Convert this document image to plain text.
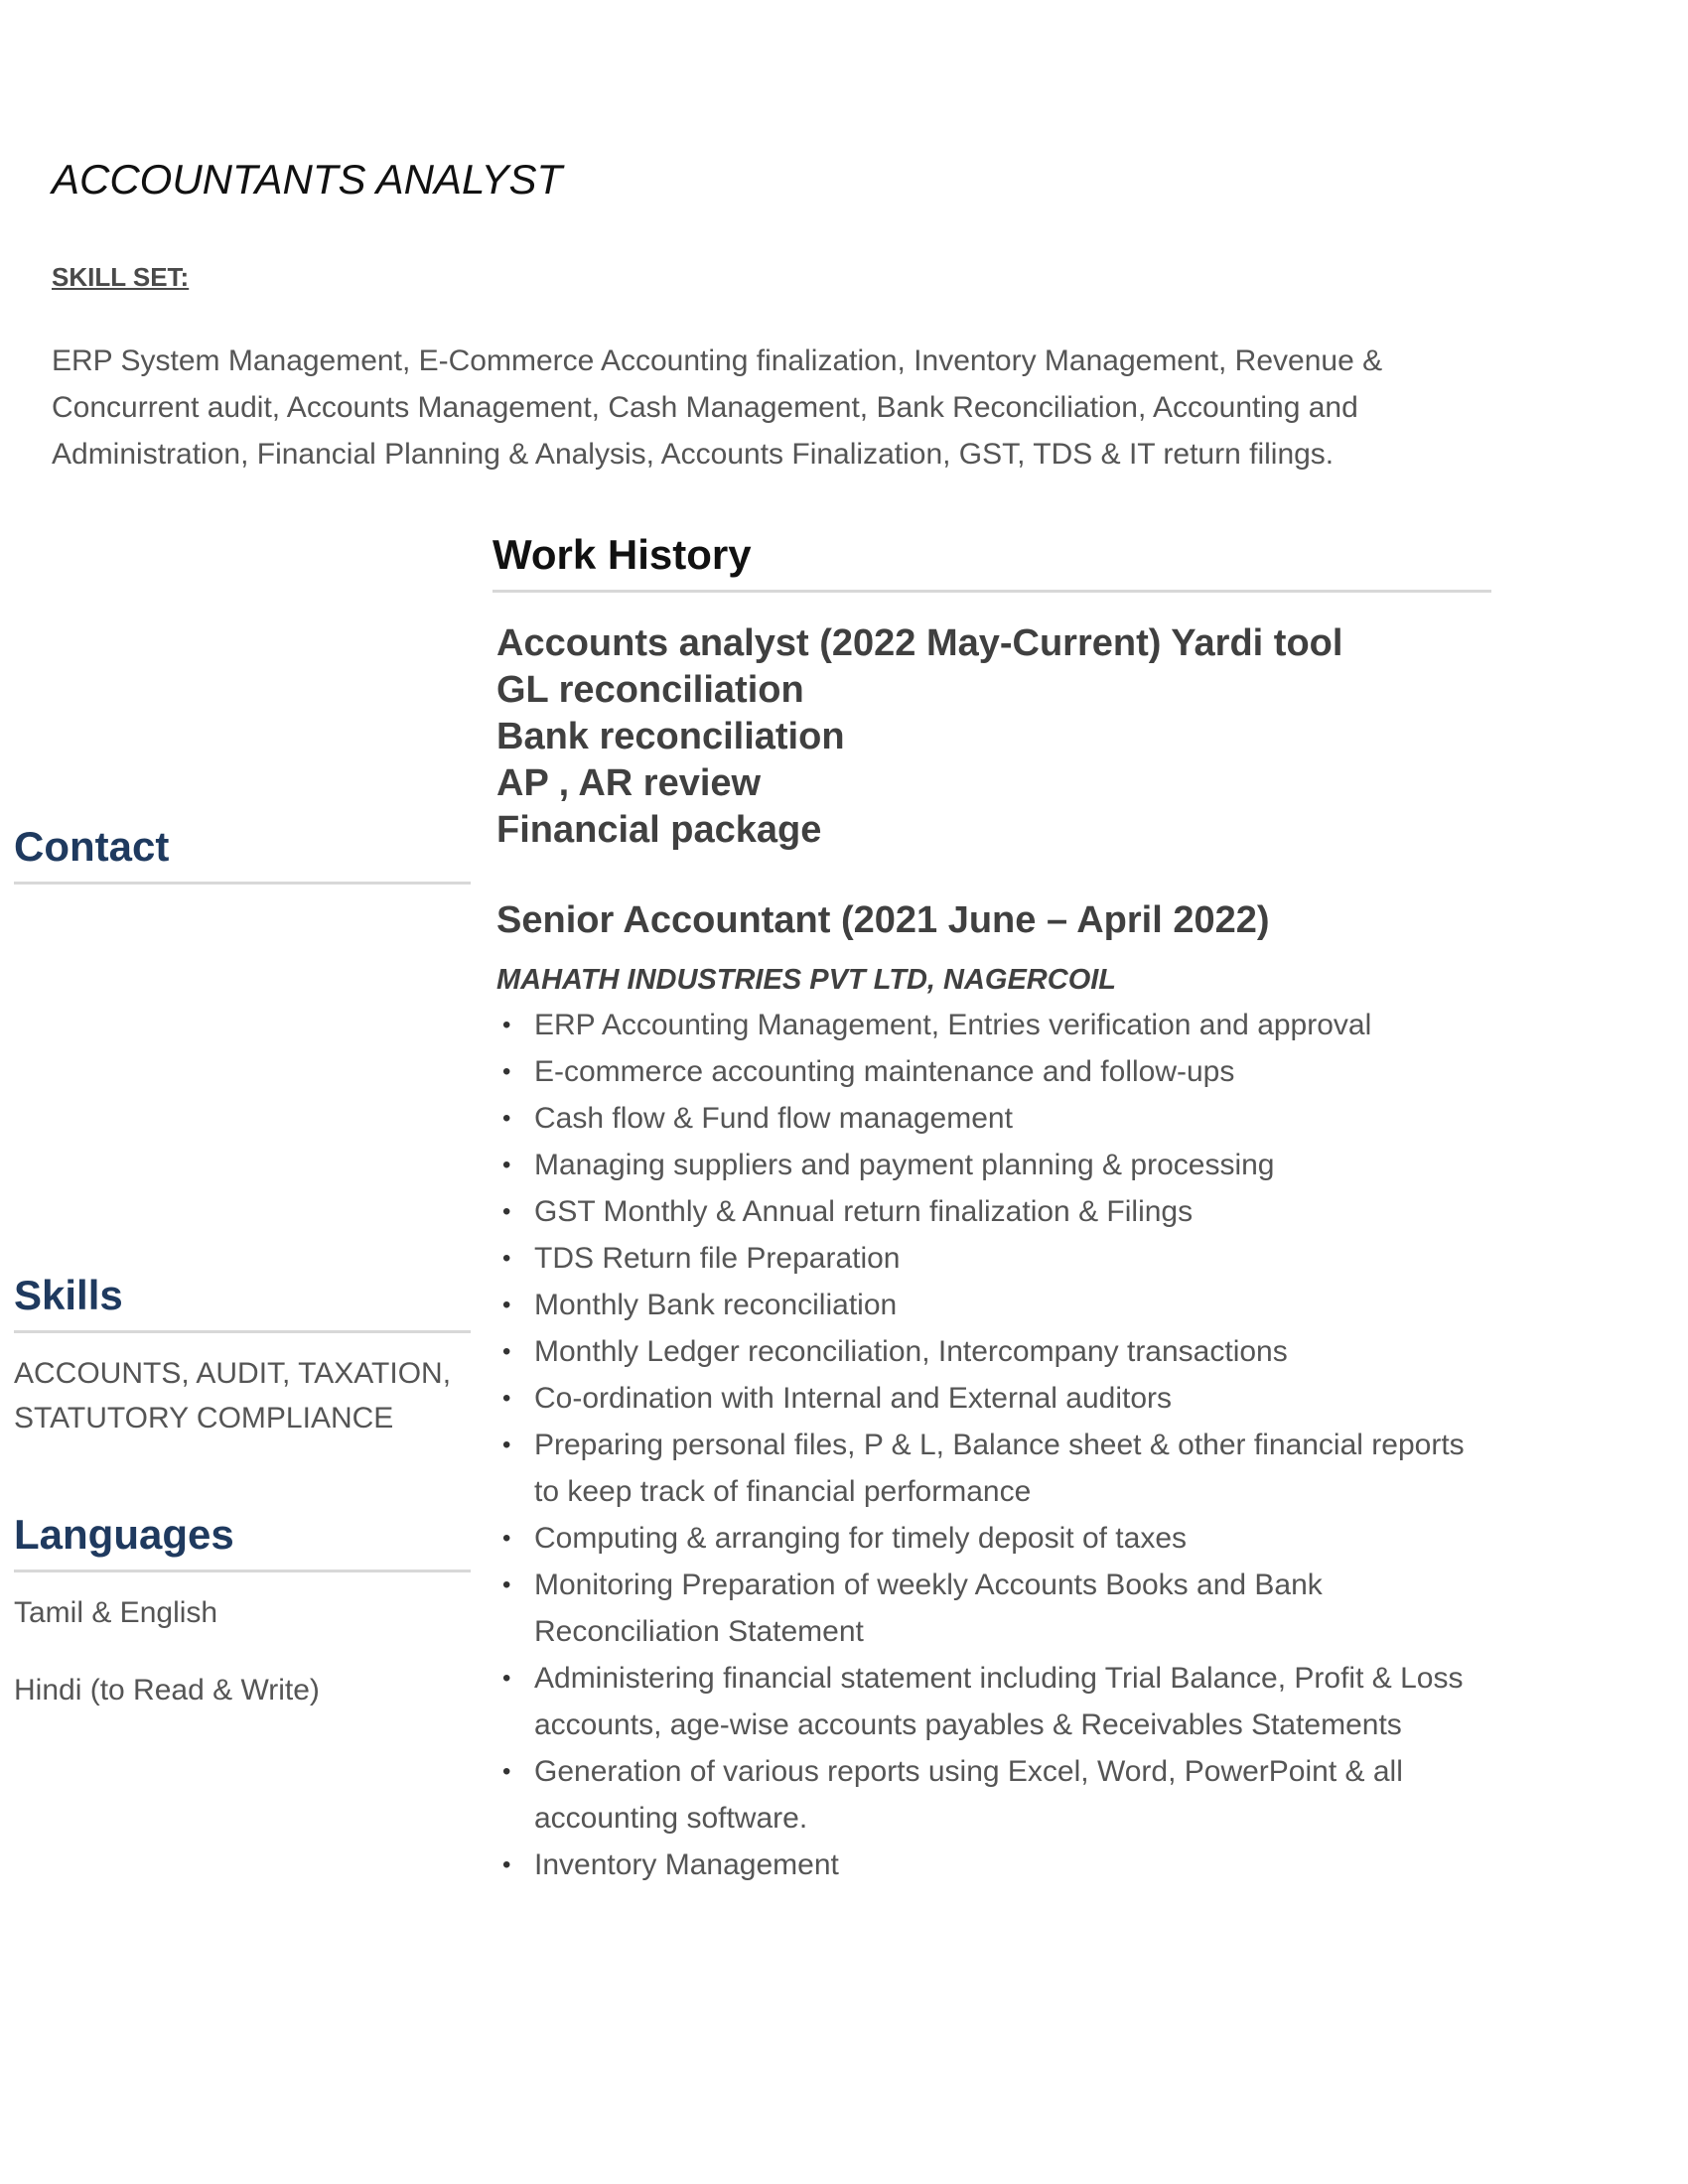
ACCOUNTANTS ANALYST
SKILL SET:

ERP System Management, E-Commerce Accounting finalization, Inventory Management, Revenue & Concurrent audit, Accounts Management, Cash Management, Bank Reconciliation, Accounting and Administration, Financial Planning & Analysis, Accounts Finalization, GST, TDS & IT return filings.

Contact
Skills

ACCOUNTS, AUDIT, TAXATION, STATUTORY COMPLIANCE

Languages

Tamil & English

Hindi (to Read & Write)

Work History
Accounts analyst (2022 May-Current) Yardi tool
GL reconciliation
Bank reconciliation
AP , AR review
Financial package
Senior Accountant (2021 June – April 2022)
MAHATH INDUSTRIES PVT LTD, NAGERCOIL
• ERP Accounting Management, Entries verification and approval
• E-commerce accounting maintenance and follow-ups
• Cash flow & Fund flow management
• Managing suppliers and payment planning & processing
• GST Monthly & Annual return finalization & Filings
• TDS Return file Preparation
• Monthly Bank reconciliation
• Monthly Ledger reconciliation, Intercompany transactions
• Co-ordination with Internal and External auditors
• Preparing personal files, P & L, Balance sheet & other financial reports to keep track of financial performance
• Computing & arranging for timely deposit of taxes
• Monitoring Preparation of weekly Accounts Books and Bank Reconciliation Statement
• Administering financial statement including Trial Balance, Profit & Loss accounts, age-wise accounts payables & Receivables Statements
• Generation of various reports using Excel, Word, PowerPoint & all accounting software.
• Inventory Management
